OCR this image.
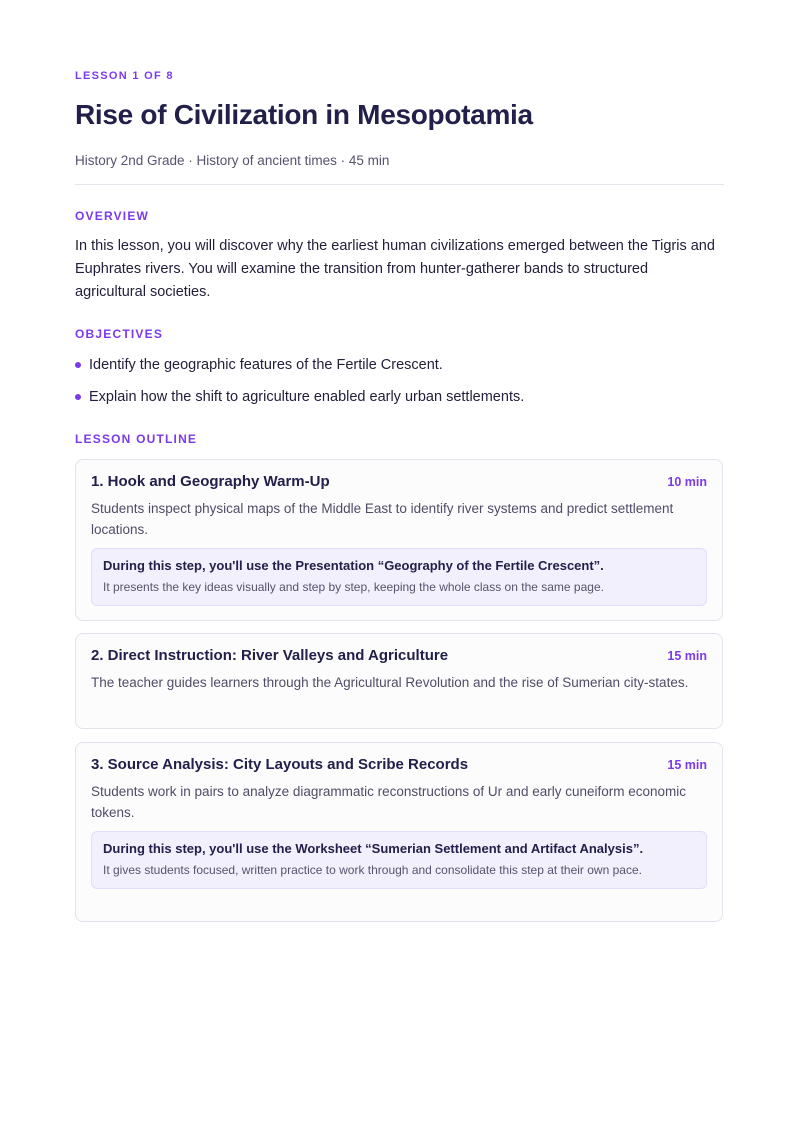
LESSON 1 OF 8
Rise of Civilization in Mesopotamia
History 2nd Grade · History of ancient times · 45 min
OVERVIEW
In this lesson, you will discover why the earliest human civilizations emerged between the Tigris and Euphrates rivers. You will examine the transition from hunter-gatherer bands to structured agricultural societies.
OBJECTIVES
Identify the geographic features of the Fertile Crescent.
Explain how the shift to agriculture enabled early urban settlements.
LESSON OUTLINE
1. Hook and Geography Warm-Up	10 min
Students inspect physical maps of the Middle East to identify river systems and predict settlement locations.
During this step, you'll use the Presentation “Geography of the Fertile Crescent”.
It presents the key ideas visually and step by step, keeping the whole class on the same page.
2. Direct Instruction: River Valleys and Agriculture	15 min
The teacher guides learners through the Agricultural Revolution and the rise of Sumerian city-states.
3. Source Analysis: City Layouts and Scribe Records	15 min
Students work in pairs to analyze diagrammatic reconstructions of Ur and early cuneiform economic tokens.
During this step, you'll use the Worksheet “Sumerian Settlement and Artifact Analysis”.
It gives students focused, written practice to work through and consolidate this step at their own pace.
